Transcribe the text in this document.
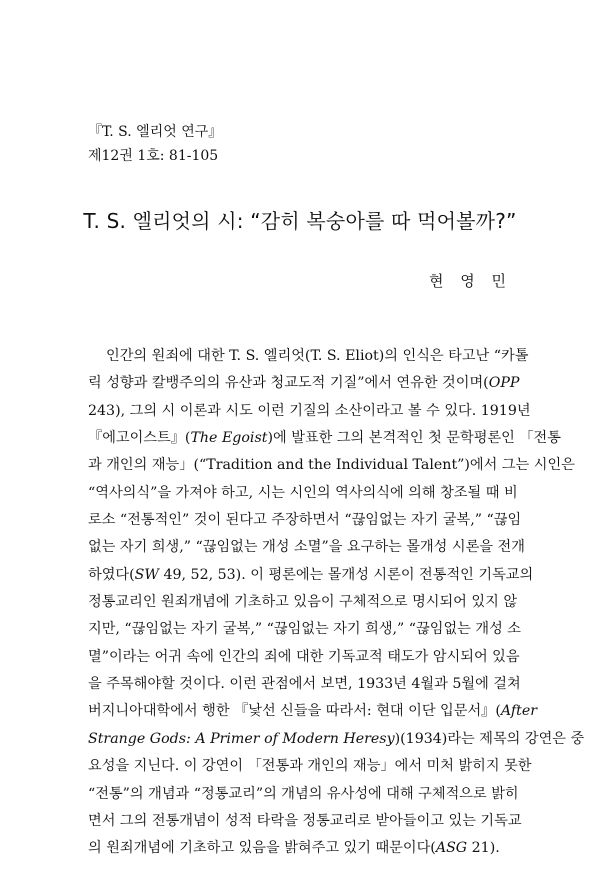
『T. S. 엘리엇 연구』
제12권 1호: 81-105
T. S. 엘리엇의 시: “감히 복숭아를 따 먹어볼까?”
현 영 민

인간의 원죄에 대한 T. S. 엘리엇(T. S. Eliot)의 인식은 타고난 “카톨
릭 성향과 칼뱅주의의 유산과 청교도적 기질”에서 연유한 것이며(OPP
243), 그의 시 이론과 시도 이런 기질의 소산이라고 볼 수 있다. 1919년
『에고이스트』(The Egoist)에 발표한 그의 본격적인 첫 문학평론인 「전통
과 개인의 재능」(“Tradition and the Individual Talent”)에서 그는 시인은
“역사의식”을 가져야 하고, 시는 시인의 역사의식에 의해 창조될 때 비
로소 “전통적인” 것이 된다고 주장하면서 “끊임없는 자기 굴복,” “끊임
없는 자기 희생,” “끊임없는 개성 소멸”을 요구하는 몰개성 시론을 전개
하였다(SW 49, 52, 53). 이 평론에는 몰개성 시론이 전통적인 기독교의
정통교리인 원죄개념에 기초하고 있음이 구체적으로 명시되어 있지 않
지만, “끊임없는 자기 굴복,” “끊임없는 자기 희생,” “끊임없는 개성 소
멸”이라는 어귀 속에 인간의 죄에 대한 기독교적 태도가 암시되어 있음
을 주목해야할 것이다. 이런 관점에서 보면, 1933년 4월과 5월에 걸쳐
버지니아대학에서 행한 『낯선 신들을 따라서: 현대 이단 입문서』(After
Strange Gods: A Primer of Modern Heresy)(1934)라는 제목의 강연은 중
요성을 지닌다. 이 강연이 「전통과 개인의 재능」에서 미처 밝히지 못한
“전통”의 개념과 “정통교리”의 개념의 유사성에 대해 구체적으로 밝히
면서 그의 전통개념이 성적 타락을 정통교리로 받아들이고 있는 기독교
의 원죄개념에 기초하고 있음을 밝혀주고 있기 때문이다(ASG 21).
